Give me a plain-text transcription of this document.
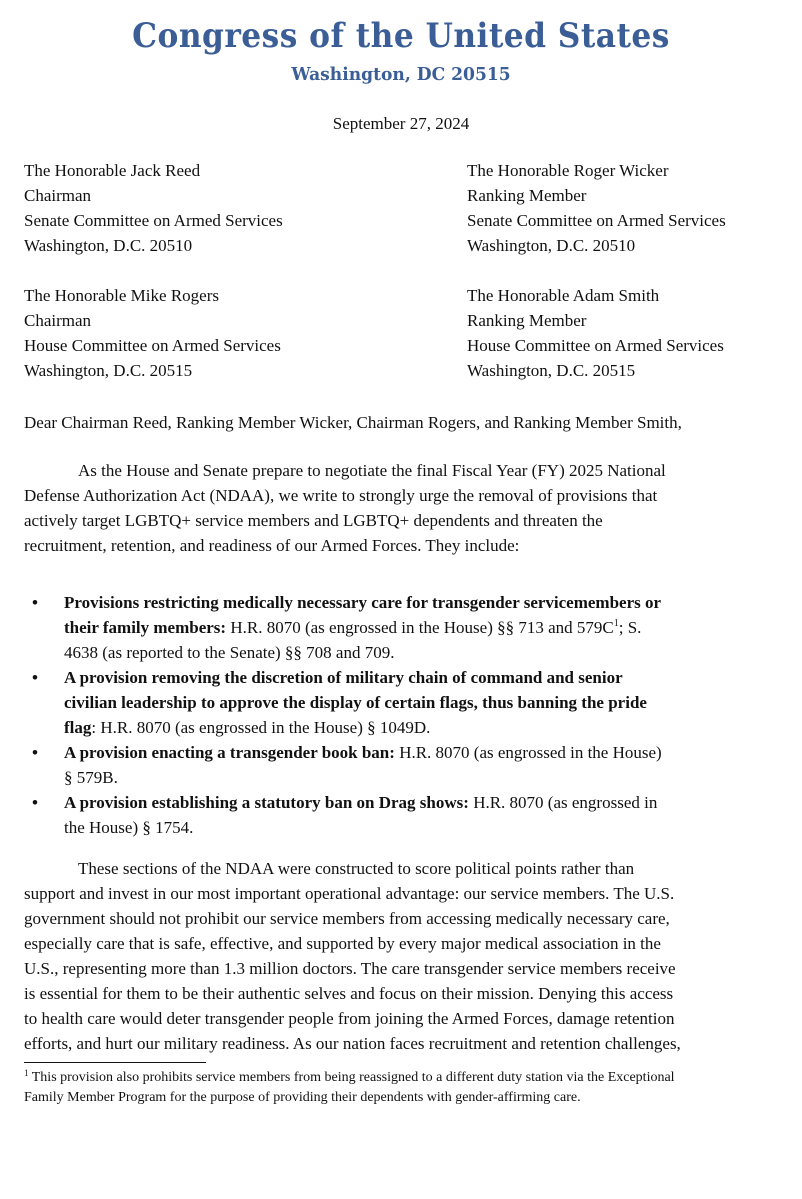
Congress of the United States
Washington, DC 20515
September 27, 2024
The Honorable Jack Reed
Chairman
Senate Committee on Armed Services
Washington, D.C. 20510
The Honorable Roger Wicker
Ranking Member
Senate Committee on Armed Services
Washington, D.C. 20510
The Honorable Mike Rogers
Chairman
House Committee on Armed Services
Washington, D.C. 20515
The Honorable Adam Smith
Ranking Member
House Committee on Armed Services
Washington, D.C. 20515
Dear Chairman Reed, Ranking Member Wicker, Chairman Rogers, and Ranking Member Smith,
As the House and Senate prepare to negotiate the final Fiscal Year (FY) 2025 National
Defense Authorization Act (NDAA), we write to strongly urge the removal of provisions that
actively target LGBTQ+ service members and LGBTQ+ dependents and threaten the
recruitment, retention, and readiness of our Armed Forces. They include:
•	Provisions restricting medically necessary care for transgender servicemembers or
their family members: H.R. 8070 (as engrossed in the House) §§ 713 and $579C^1$; S.
4638 (as reported to the Senate) §§ 708 and 709.
•	A provision removing the discretion of military chain of command and senior
civilian leadership to approve the display of certain flags, thus banning the pride
flag: H.R. 8070 (as engrossed in the House) § 1049D.
•	A provision enacting a transgender book ban: H.R. 8070 (as engrossed in the House)
§ 579B.
•	A provision establishing a statutory ban on Drag shows: H.R. 8070 (as engrossed in
the House) § 1754.
These sections of the NDAA were constructed to score political points rather than
support and invest in our most important operational advantage: our service members. The U.S.
government should not prohibit our service members from accessing medically necessary care,
especially care that is safe, effective, and supported by every major medical association in the
U.S., representing more than 1.3 million doctors. The care transgender service members receive
is essential for them to be their authentic selves and focus on their mission. Denying this access
to health care would deter transgender people from joining the Armed Forces, damage retention
efforts, and hurt our military readiness. As our nation faces recruitment and retention challenges,
$^1$ This provision also prohibits service members from being reassigned to a different duty station via the Exceptional
Family Member Program for the purpose of providing their dependents with gender-affirming care.
